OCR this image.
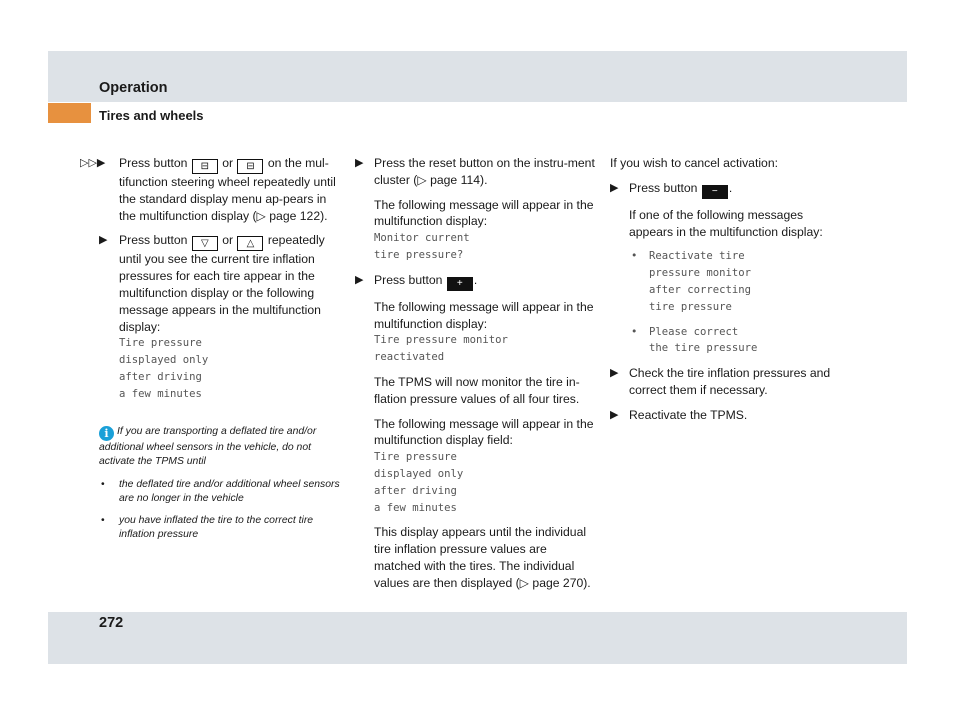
Operation
Tires and wheels
▷▷▶ Press button ⊟ or ⊟ on the mul-tifunction steering wheel repeatedly until the standard display menu ap-pears in the multifunction display (▷ page 122).
▶ Press button ▽ or △ repeatedly until you see the current tire inflation pressures for each tire appear in the multifunction display or the following message appears in the multifunction display:
Tire pressure
displayed only
after driving
a few minutes
i If you are transporting a deflated tire and/or additional wheel sensors in the vehicle, do not activate the TPMS until
• the deflated tire and/or additional wheel sensors are no longer in the vehicle
• you have inflated the tire to the correct tire inflation pressure
▶ Press the reset button on the instru-ment cluster (▷ page 114).
The following message will appear in the multifunction display:
Monitor current
tire pressure?
▶ Press button + .
The following message will appear in the multifunction display:
Tire pressure monitor
reactivated
The TPMS will now monitor the tire in-flation pressure values of all four tires.
The following message will appear in the multifunction display field:
Tire pressure
displayed only
after driving
a few minutes
This display appears until the individual tire inflation pressure values are matched with the tires. The individual values are then displayed (▷ page 270).
If you wish to cancel activation:
▶ Press button − .
If one of the following messages appears in the multifunction display:
• Reactivate tire
pressure monitor
after correcting
tire pressure
• Please correct
the tire pressure
▶ Check the tire inflation pressures and correct them if necessary.
▶ Reactivate the TPMS.
272
